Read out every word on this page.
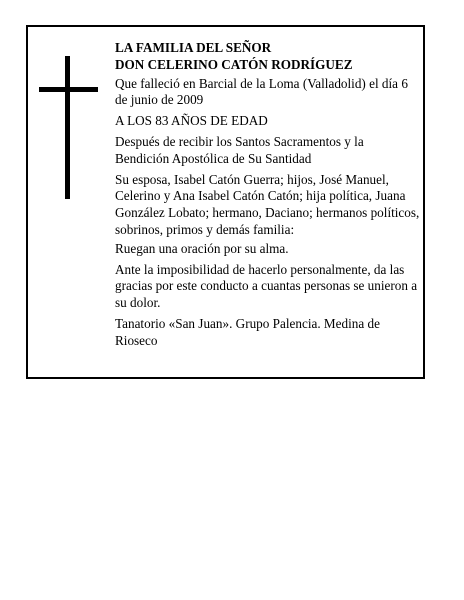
LA FAMILIA DEL SEÑOR

DON CELERINO CATÓN RODRÍGUEZ

Que falleció en Barcial de la Loma (Valladolid) el día 6 de junio de 2009

A LOS 83 AÑOS DE EDAD

Después de recibir los Santos Sacramentos y la Bendición Apostólica de Su Santidad

Su esposa, Isabel Catón Guerra; hijos, José Manuel, Celerino y Ana Isabel Catón Catón; hija política, Juana González Lobato; hermano, Daciano; hermanos políticos, sobrinos, primos y demás familia:

Ruegan una oración por su alma.

Ante la imposibilidad de hacerlo personalmente, da las gracias por este conducto a cuantas personas se unieron a su dolor.

Tanatorio «San Juan». Grupo Palencia. Medina de Rioseco
